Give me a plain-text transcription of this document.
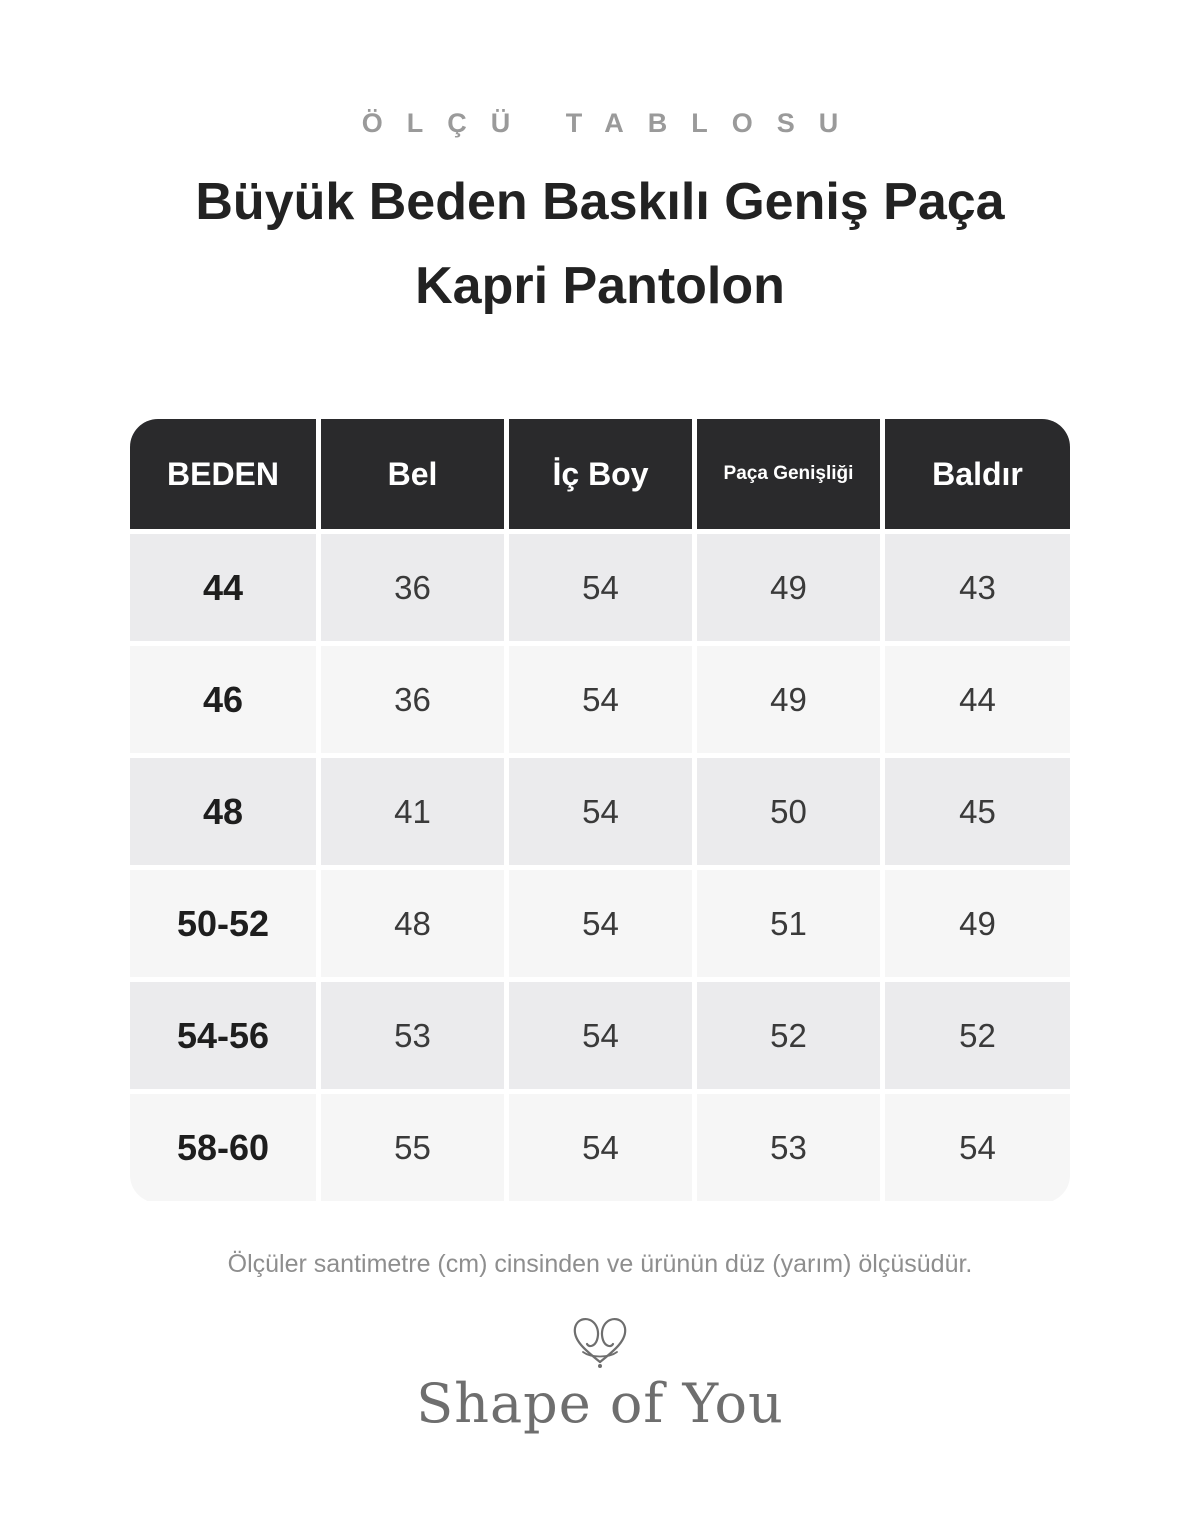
ÖLÇÜ TABLOSU
Büyük Beden Baskılı Geniş Paça
Kapri Pantolon
BEDEN	Bel	İç Boy	Paça Genişliği	Baldır
44	36	54	49	43
46	36	54	49	44
48	41	54	50	45
50-52	48	54	51	49
54-56	53	54	52	52
58-60	55	54	53	54
Ölçüler santimetre (cm) cinsinden ve ürünün düz (yarım) ölçüsüdür.
Shape of You
